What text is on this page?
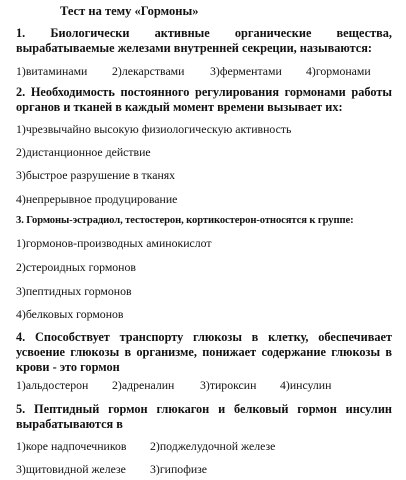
Тест на тему «Гормоны»
1. Биологически активные органические вещества, вырабатываемые железами внутренней секреции, называются:
1)витаминами 2)лекарствами 3)ферментами 4)гормонами
2. Необходимость постоянного регулирования гормонами работы органов и тканей в каждый момент времени вызывает их:
1)чрезвычайно высокую физиологическую активность
2)дистанционное действие
3)быстрое разрушение в тканях
4)непрерывное продуцирование
3. Гормоны-эстрадиол, тестостерон, кортикостерон-относятся к группе:
1)гормонов-производных аминокислот
2)стероидных гормонов
3)пептидных гормонов
4)белковых гормонов
4. Способствует транспорту глюкозы в клетку, обеспечивает усвоение глюкозы в организме, понижает содержание глюкозы в крови - это гормон
1)альдостерон 2)адреналин 3)тироксин 4)инсулин
5. Пептидный гормон глюкагон и белковый гормон инсулин вырабатываются в
1)коре надпочечников 2)поджелудочной железе
3)щитовидной железе 3)гипофизе
